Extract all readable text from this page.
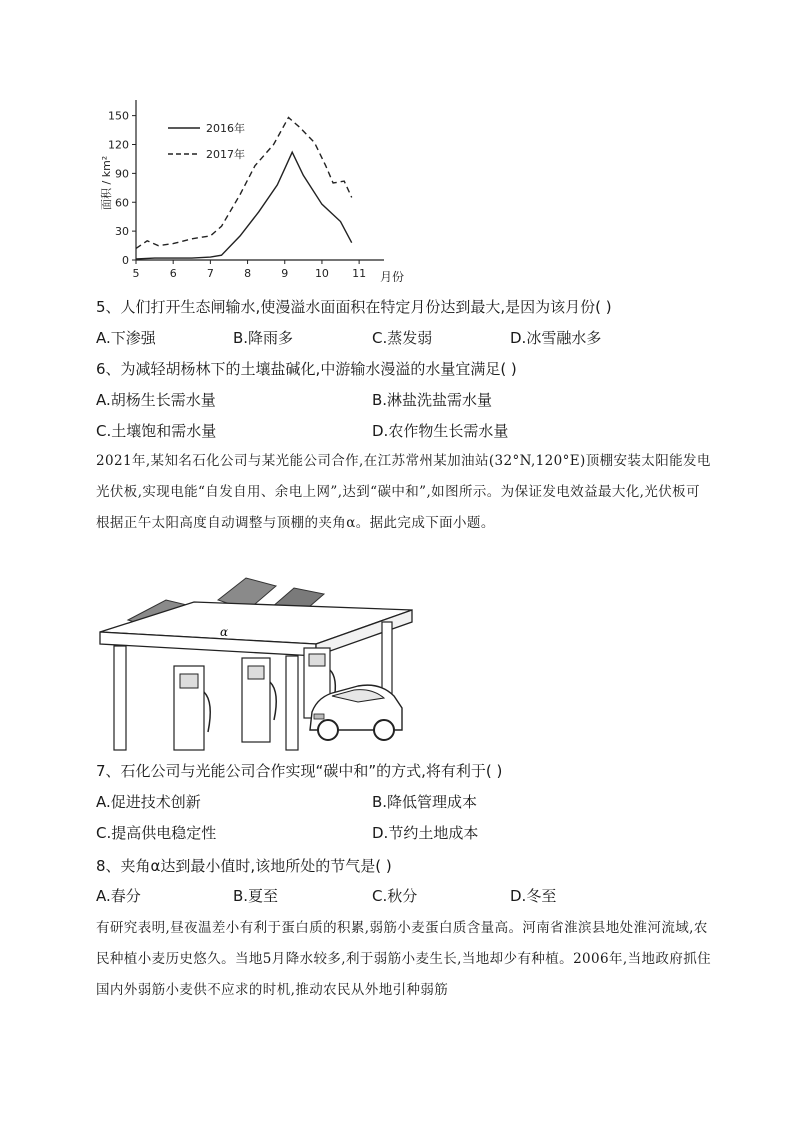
0
30
60
90
120
150
5	6	7	8	9 10 11
2016年
2017年
面积 / km²
月份
5、人们打开生态闸输水,使漫溢水面面积在特定月份达到最大,是因为该月份( )
A.下渗强	B.降雨多	C.蒸发弱	D.冰雪融水多
6、为减轻胡杨林下的土壤盐碱化,中游输水漫溢的水量宜满足( )
A.胡杨生长需水量	B.淋盐洗盐需水量
C.土壤饱和需水量	D.农作物生长需水量

2021年,某知名石化公司与某光能公司合作,在江苏常州某加油站(32°N,120°E)顶棚安装太阳能发电光伏板,实现电能“自发自用、余电上网”,达到“碳中和”,如图所示。为保证发电效益最大化,光伏板可根据正午太阳高度自动调整与顶棚的夹角α。据此完成下面小题。

α
7、石化公司与光能公司合作实现“碳中和”的方式,将有利于( )
A.促进技术创新	B.降低管理成本
C.提高供电稳定性	D.节约土地成本
8、夹角α达到最小值时,该地所处的节气是( )
A.春分	B.夏至	C.秋分	D.冬至

有研究表明,昼夜温差小有利于蛋白质的积累,弱筋小麦蛋白质含量高。河南省淮滨县地处淮河流域,农民种植小麦历史悠久。当地5月降水较多,利于弱筋小麦生长,当地却少有种植。2006年,当地政府抓住国内外弱筋小麦供不应求的时机,推动农民从外地引种弱筋
